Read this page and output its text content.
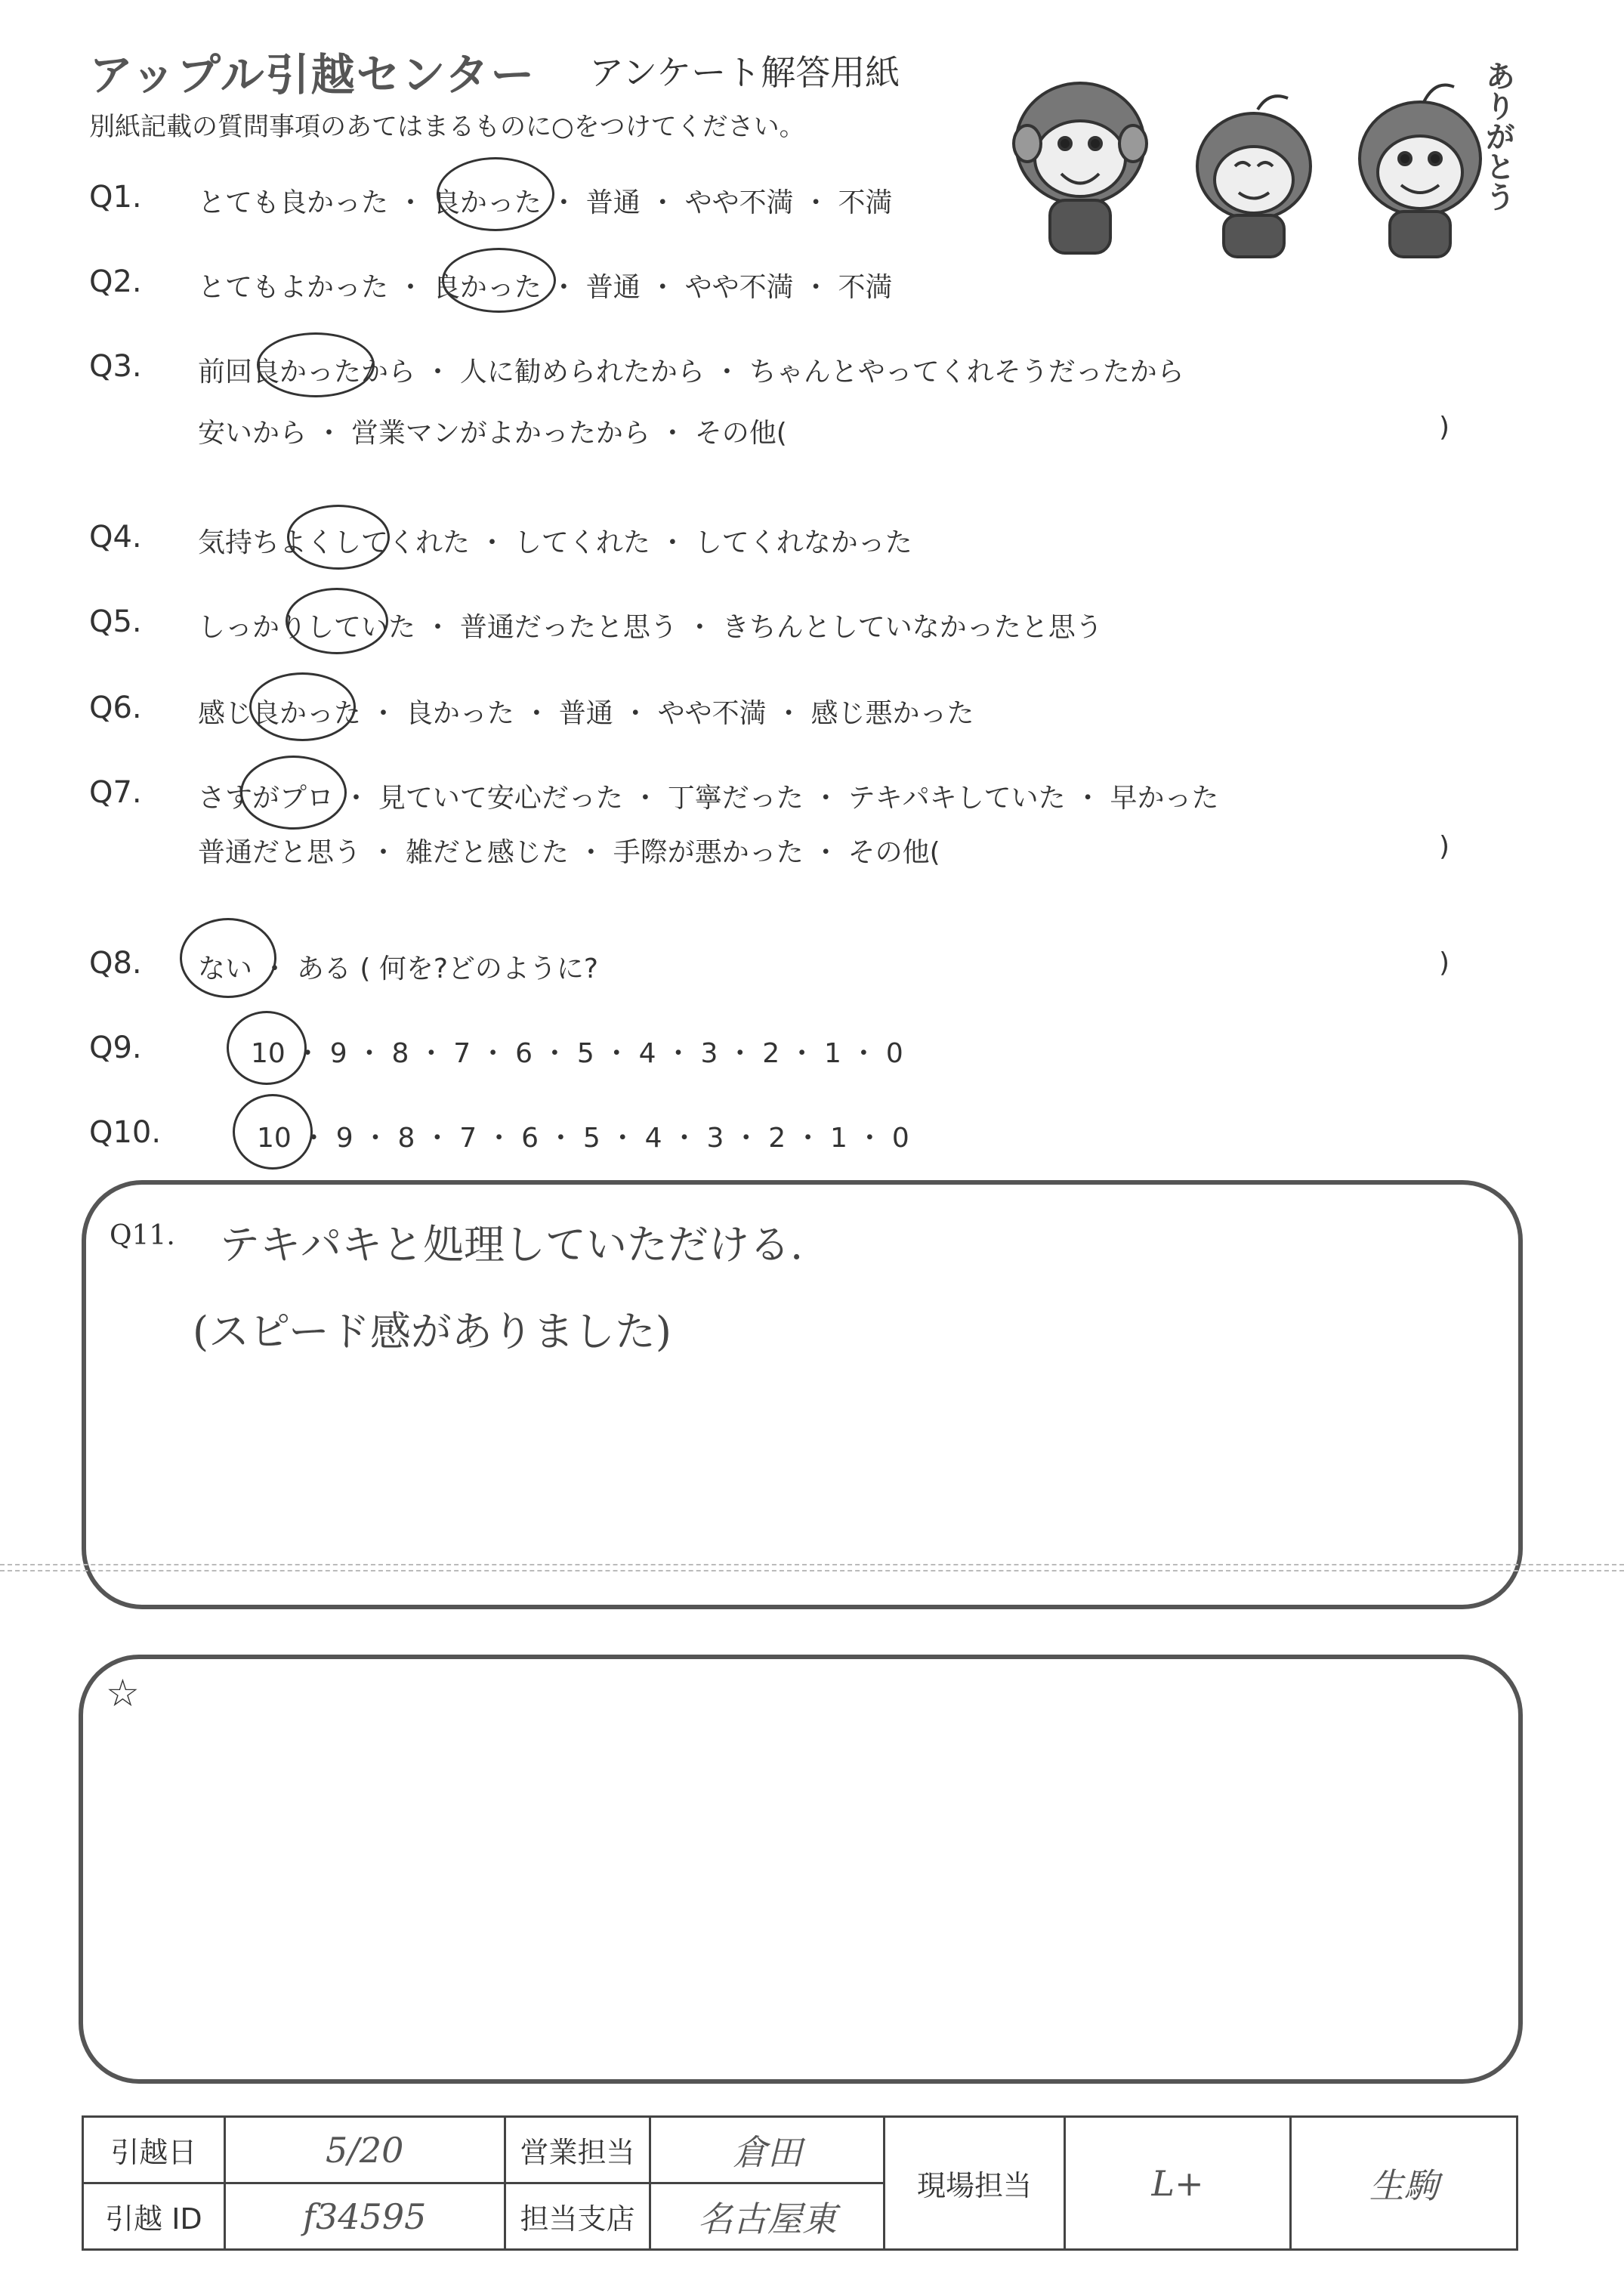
アップル引越センター アンケート解答用紙
別紙記載の質問事項のあてはまるものに○をつけてください。	ありがとう
Q1. とても良かった ・ 良かった ・ 普通 ・ やや不満 ・ 不満
Q2. とてもよかった ・ 良かった ・ 普通 ・ やや不満 ・ 不満
Q3. 前回良かったから ・ 人に勧められたから ・ ちゃんとやってくれそうだったから
安いから ・ 営業マンがよかったから ・ その他(	)
Q4. 気持ちよくしてくれた ・ してくれた ・ してくれなかった
Q5. しっかりしていた ・ 普通だったと思う ・ きちんとしていなかったと思う
Q6. 感じ良かった ・ 良かった ・ 普通 ・ やや不満 ・ 感じ悪かった
Q7. さすがプロ ・ 見ていて安心だった ・ 丁寧だった ・ テキパキしていた ・ 早かった
普通だと思う ・ 雑だと感じた ・ 手際が悪かった ・ その他(	)
Q8. ない ・ ある ( 何を?どのように?	)
Q9.	10 ・ 9 ・ 8 ・ 7 ・ 6 ・ 5 ・ 4 ・ 3 ・ 2 ・ 1 ・ 0
Q10.	10 ・ 9 ・ 8 ・ 7 ・ 6 ・ 5 ・ 4 ・ 3 ・ 2 ・ 1 ・ 0
Q11. テキパキと処理していただける.
(スピード感がありました)
☆
引越日	5/20	営業担当	倉田	現場担当	L+	生駒
引越 ID	f34595	担当支店	名古屋東			
